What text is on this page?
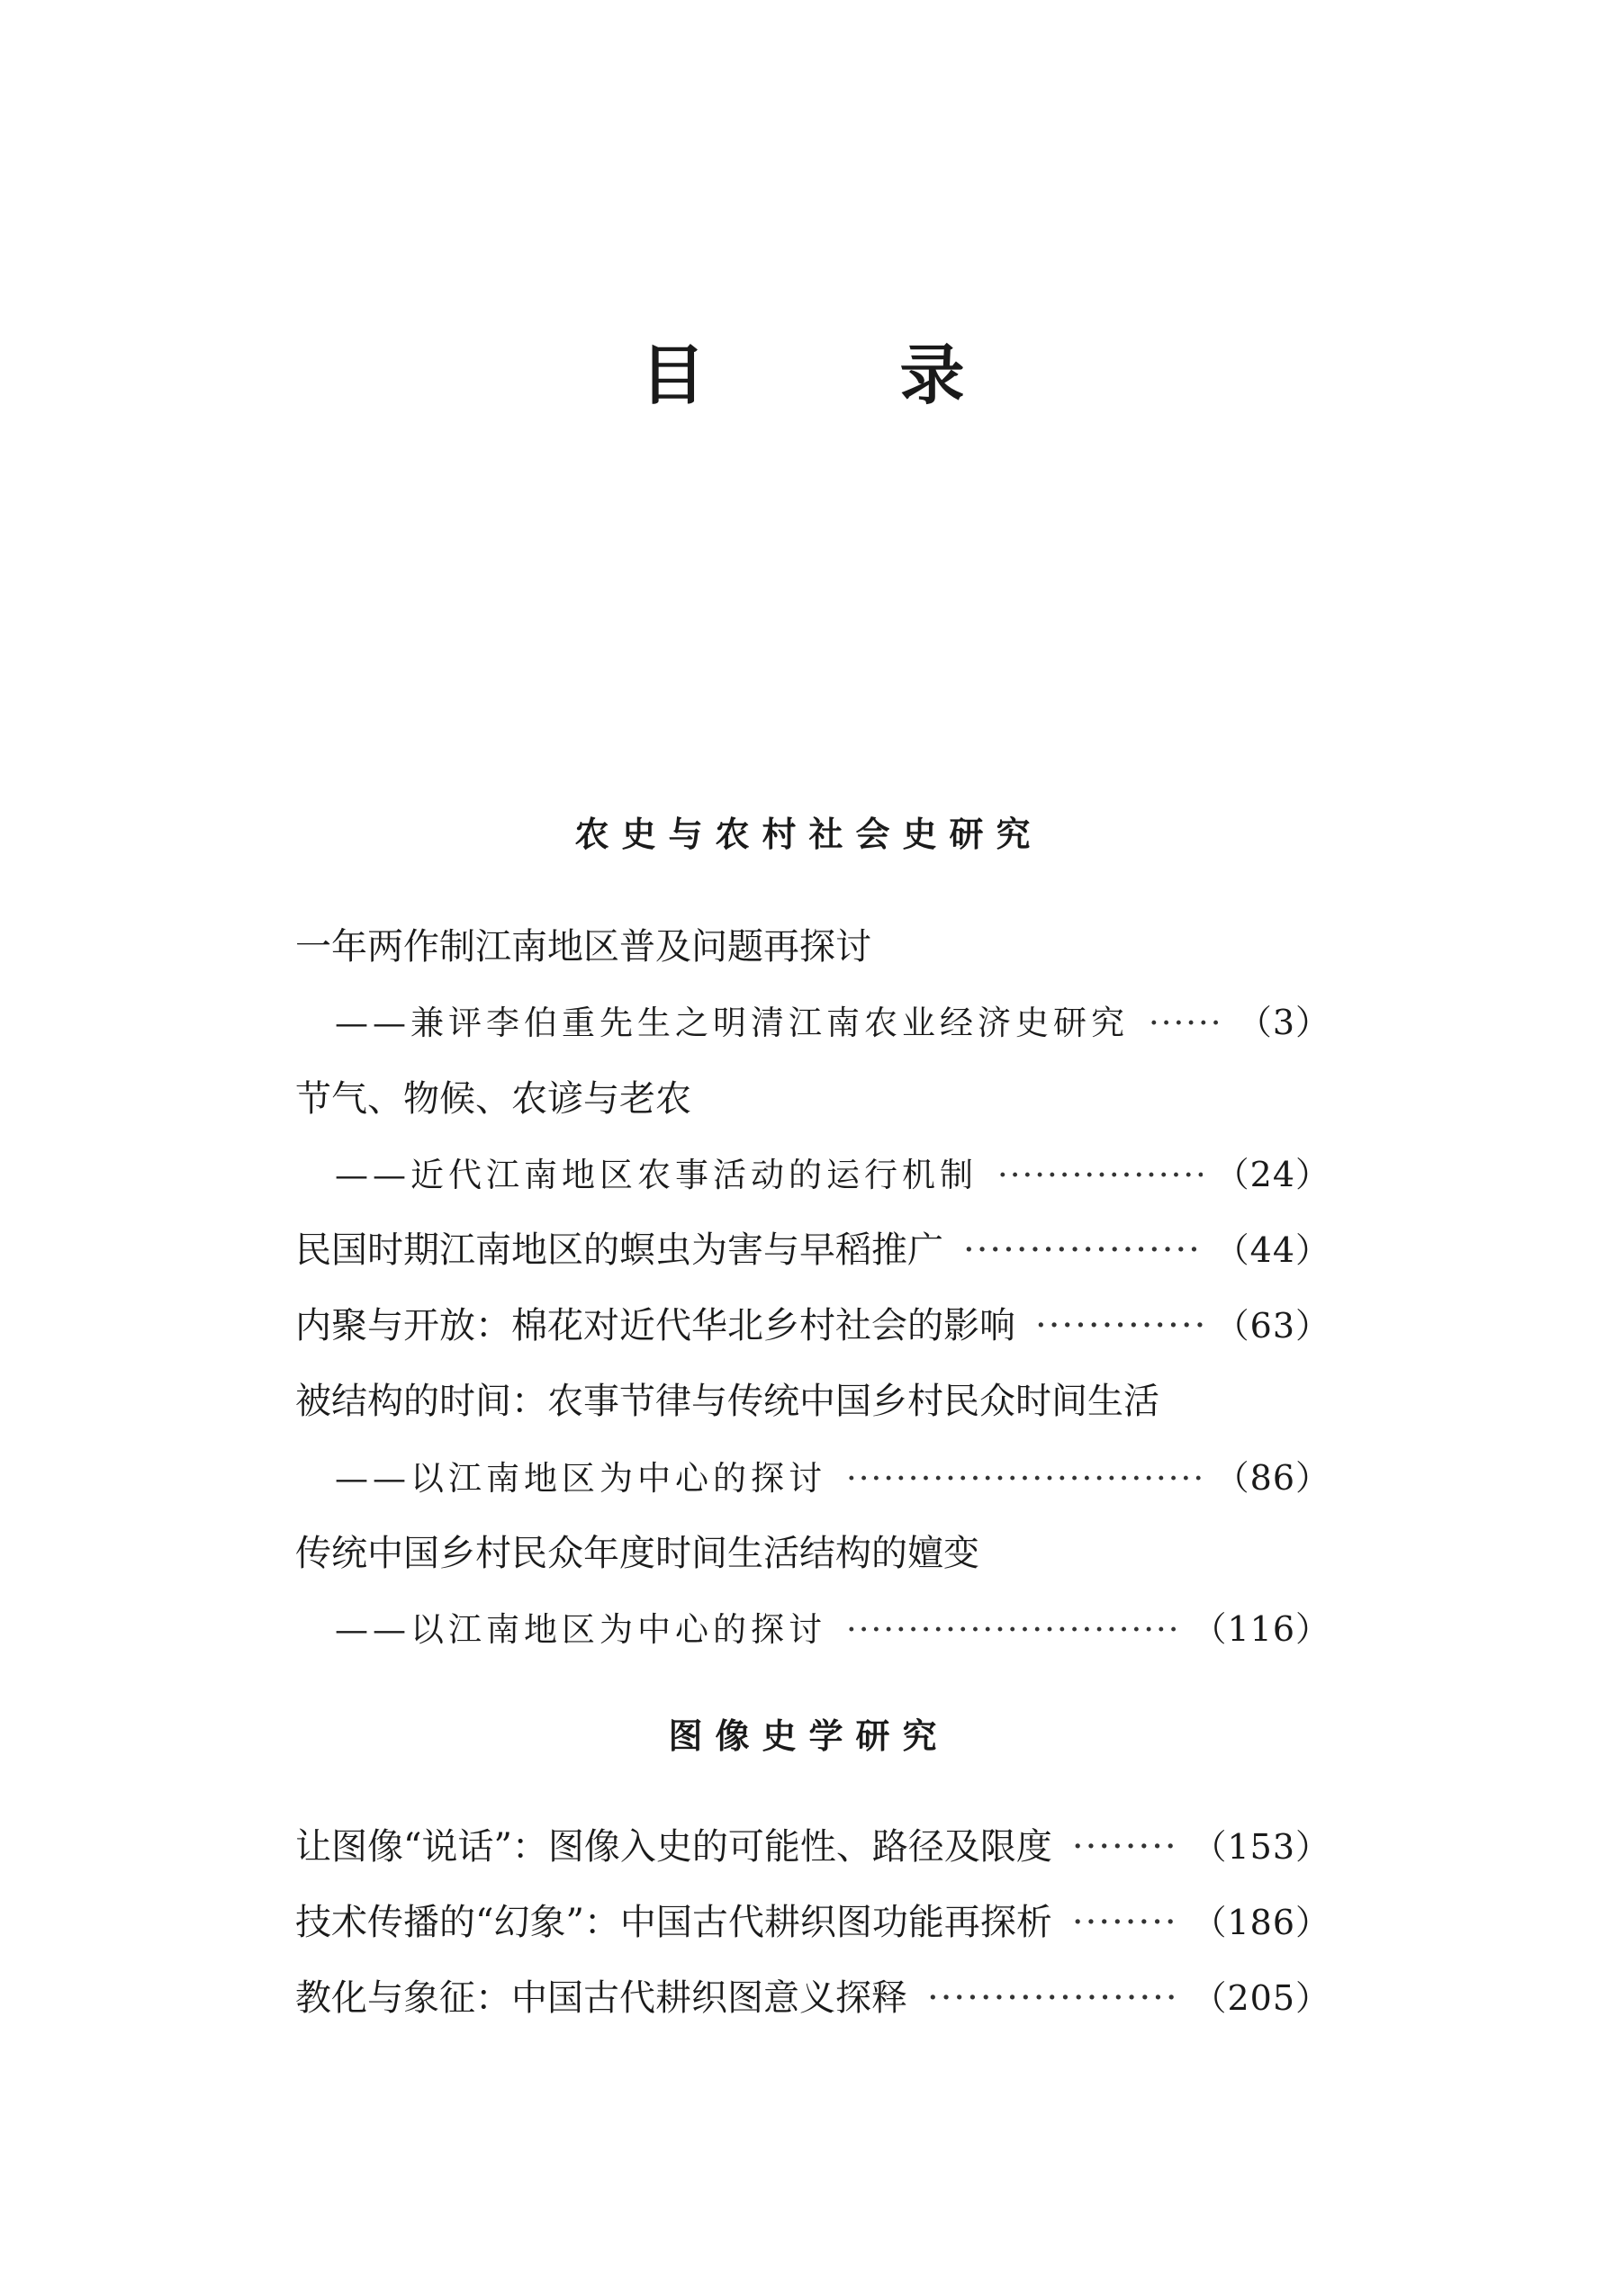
目　录
农史与农村社会史研究
一年两作制江南地区普及问题再探讨
——兼评李伯重先生之明清江南农业经济史研究 ·····	（3）
节气、物候、农谚与老农
——近代江南地区农事活动的运行机制 ·····	（24）
民国时期江南地区的螟虫为害与早稻推广 ·····	（44）
内聚与开放：棉花对近代华北乡村社会的影响 ·····	（63）
被结构的时间：农事节律与传统中国乡村民众时间生活
——以江南地区为中心的探讨 ·····	（86）
传统中国乡村民众年度时间生活结构的嬗变
——以江南地区为中心的探讨 ·····	（116）
图像史学研究
让图像“说话”：图像入史的可能性、路径及限度 ·····	（153）
技术传播的“幻象”：中国古代耕织图功能再探析 ·····	（186）
教化与象征：中国古代耕织图意义探释 ·····	（205）
